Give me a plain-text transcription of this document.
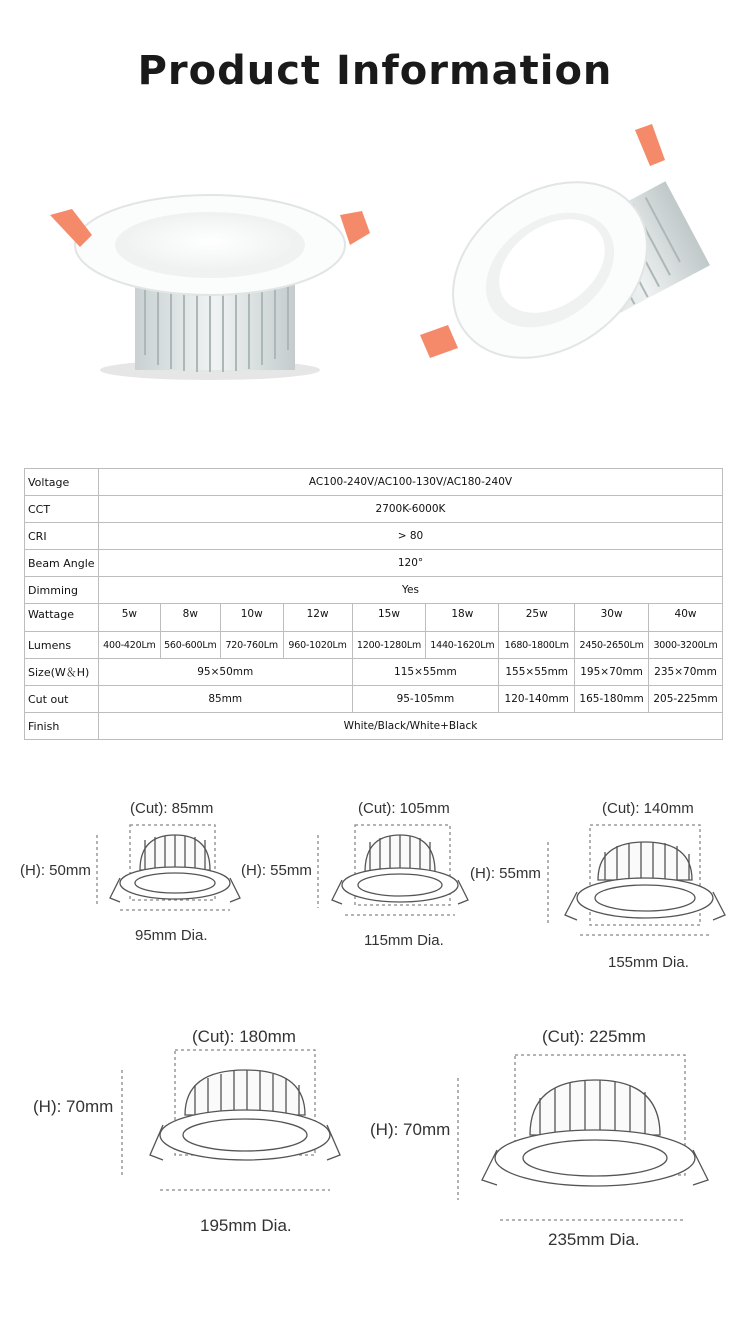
Product Information
Voltage	AC100-240V/AC100-130V/AC180-240V								
CCT	2700K-6000K								
CRI	> 80								
Beam Angle	120°								
Dimming	Yes								
Wattage	5w	8w	10w	12w	15w	18w	25w	30w	40w
Lumens	400-420Lm	560-600Lm	720-760Lm	960-1020Lm	1200-1280Lm	1440-1620Lm	1680-1800Lm	2450-2650Lm	3000-3200Lm
Size(W＆H)	95×50mm				115×55mm		155×55mm	195×70mm	235×70mm
Cut out	85mm				95-105mm		120-140mm	165-180mm	205-225mm
Finish	White/Black/White+Black								
(Cut): 85mm
(H): 50mm
95mm Dia.
(Cut): 105mm
(H): 55mm
115mm Dia.
(Cut): 140mm
(H): 55mm
155mm Dia.
(Cut): 180mm
(H): 70mm
195mm Dia.
(Cut): 225mm
(H): 70mm
235mm Dia.
